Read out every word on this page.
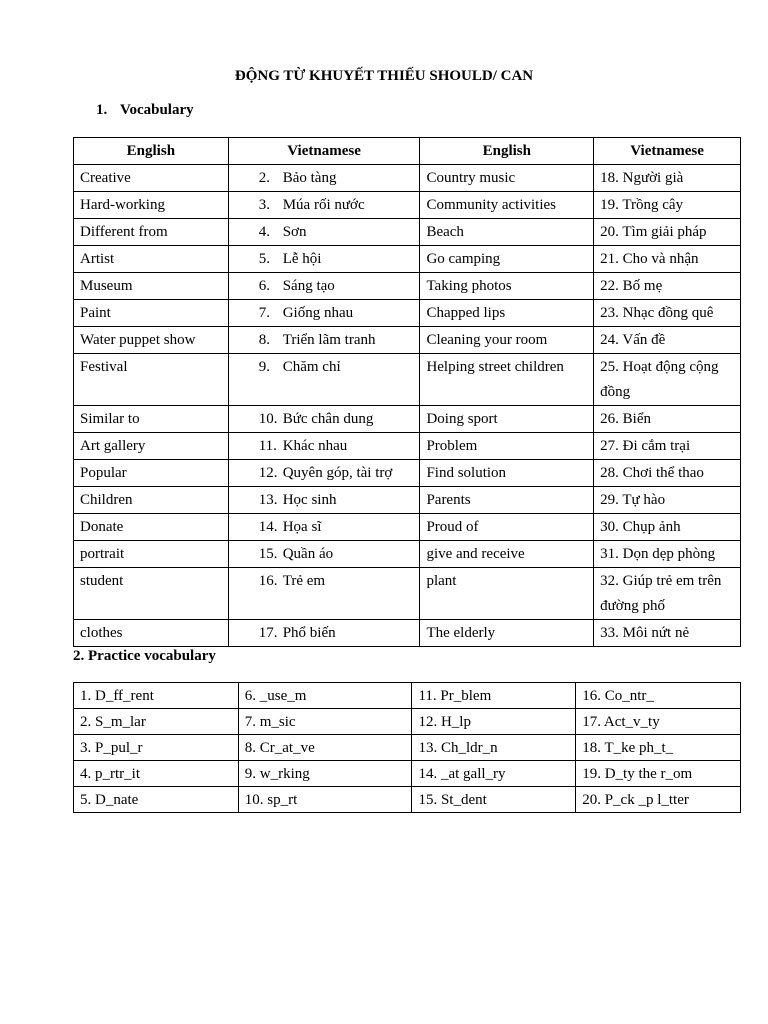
ĐỘNG TỪ KHUYẾT THIẾU SHOULD/ CAN
1. Vocabulary
English	Vietnamese	English	Vietnamese
Creative	2. Bảo tàng	Country music	18. Người già
Hard-working	3. Múa rối nước	Community activities	19. Trồng cây
Different from	4. Sơn	Beach	20. Tìm giải pháp
Artist	5. Lễ hội	Go camping	21. Cho và nhận
Museum	6. Sáng tạo	Taking photos	22. Bố mẹ
Paint	7. Giống nhau	Chapped lips	23. Nhạc đồng quê
Water puppet show	8. Triển lãm tranh	Cleaning your room	24. Vấn đề
Festival	9. Chăm chỉ	Helping street children	25. Hoạt động cộng đồng
Similar to	10. Bức chân dung	Doing sport	26. Biển
Art gallery	11. Khác nhau	Problem	27. Đi cắm trại
Popular	12. Quyên góp, tài trợ	Find solution	28. Chơi thể thao
Children	13. Học sinh	Parents	29. Tự hào
Donate	14. Họa sĩ	Proud of	30. Chụp ảnh
portrait	15. Quần áo	give and receive	31. Dọn dẹp phòng
student	16. Trẻ em	plant	32. Giúp trẻ em trên đường phố
clothes	17. Phổ biến	The elderly	33. Môi nứt nẻ
2. Practice vocabulary
1. D_ff_rent	6. _use_m	11. Pr_blem	16. Co_ntr_
2. S_m_lar	7. m_sic	12. H_lp	17. Act_v_ty
3. P_pul_r	8. Cr_at_ve	13. Ch_ldr_n	18. T_ke ph_t_
4. p_rtr_it	9. w_rking	14. _at gall_ry	19. D_ty the r_om
5. D_nate	10. sp_rt	15. St_dent	20. P_ck _p l_tter
